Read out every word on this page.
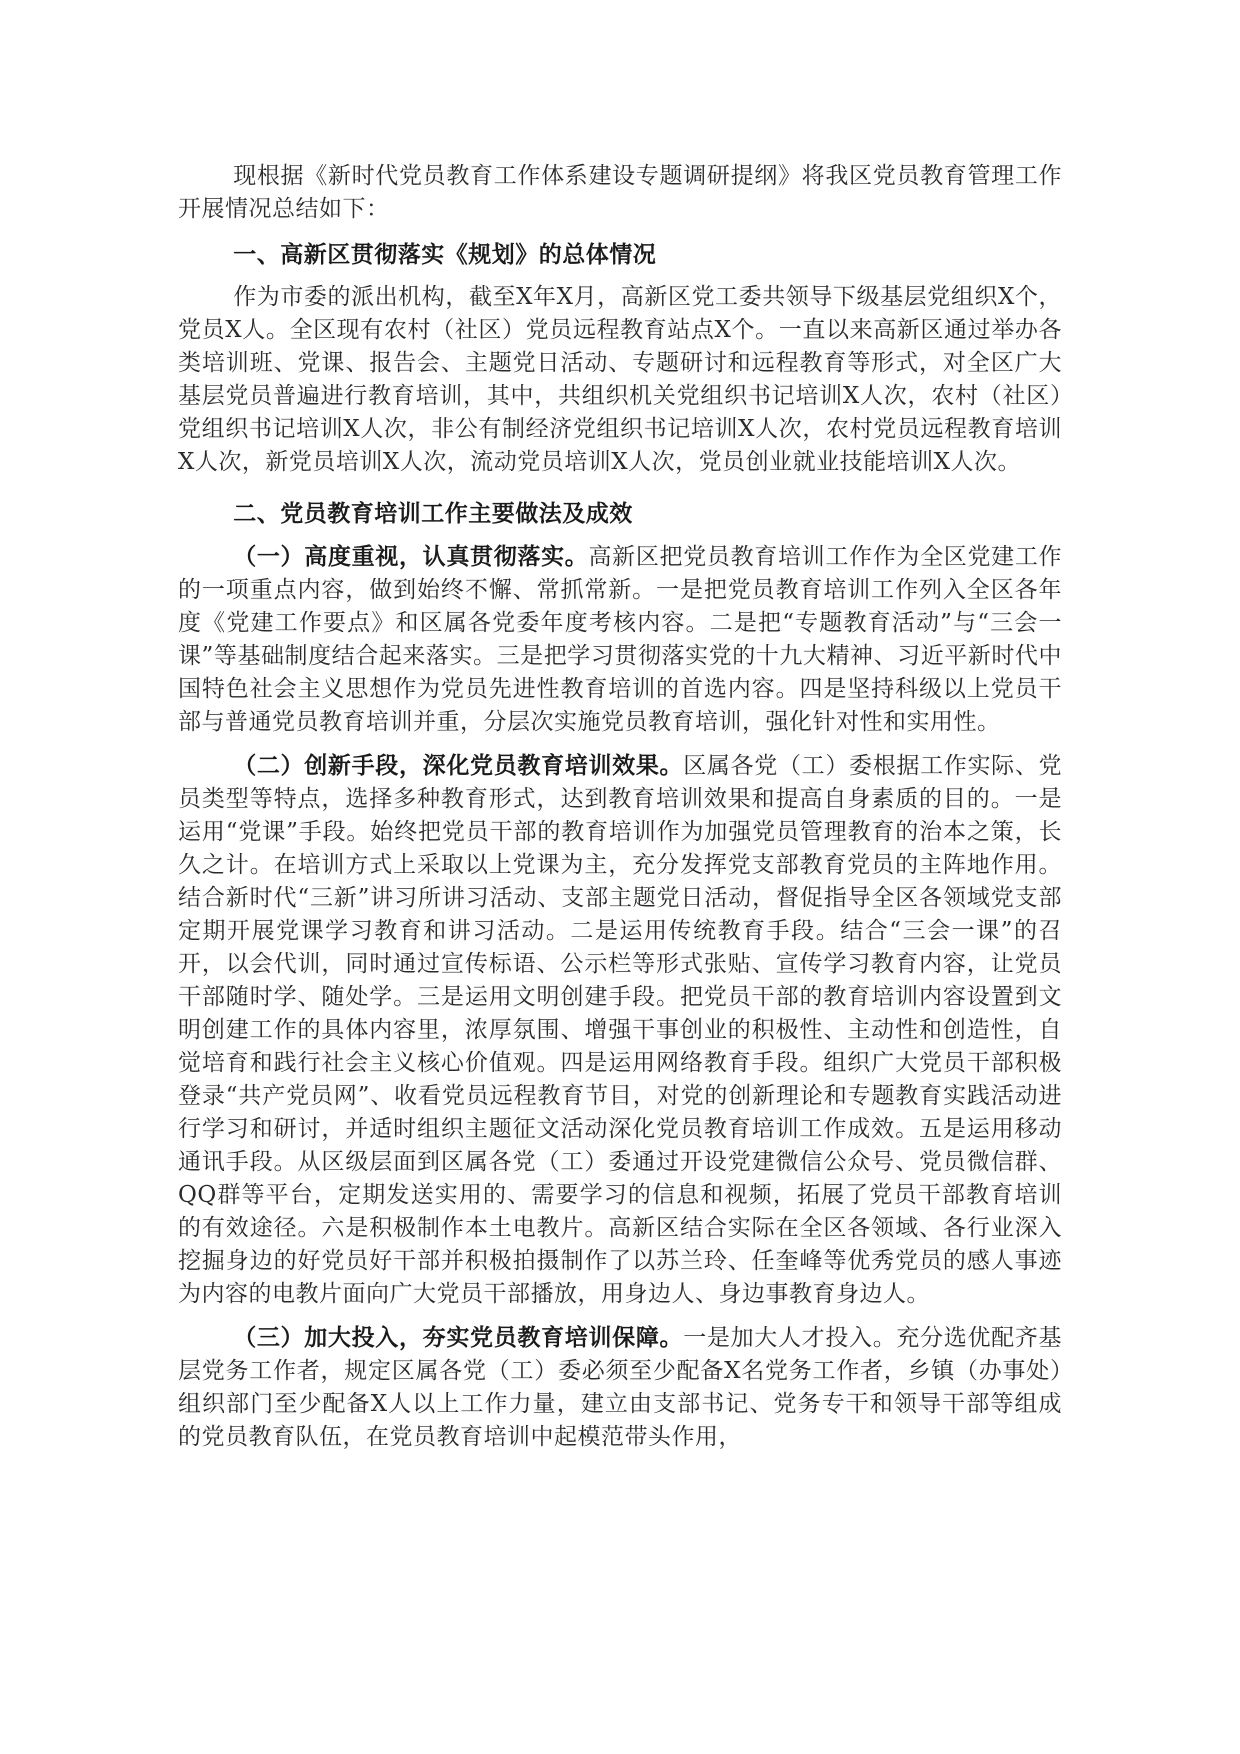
现根据《新时代党员教育工作体系建设专题调研提纲》将我区党员教育管理工作开展情况总结如下：

一、高新区贯彻落实《规划》的总体情况

作为市委的派出机构，截至X年X月，高新区党工委共领导下级基层党组织X个，党员X人。全区现有农村（社区）党员远程教育站点X个。一直以来高新区通过举办各类培训班、党课、报告会、主题党日活动、专题研讨和远程教育等形式，对全区广大基层党员普遍进行教育培训，其中，共组织机关党组织书记培训X人次，农村（社区）党组织书记培训X人次，非公有制经济党组织书记培训X人次，农村党员远程教育培训X人次，新党员培训X人次，流动党员培训X人次，党员创业就业技能培训X人次。

二、党员教育培训工作主要做法及成效

（一）高度重视，认真贯彻落实。高新区把党员教育培训工作作为全区党建工作的一项重点内容，做到始终不懈、常抓常新。一是把党员教育培训工作列入全区各年度《党建工作要点》和区属各党委年度考核内容。二是把“专题教育活动”与“三会一课”等基础制度结合起来落实。三是把学习贯彻落实党的十九大精神、习近平新时代中国特色社会主义思想作为党员先进性教育培训的首选内容。四是坚持科级以上党员干部与普通党员教育培训并重，分层次实施党员教育培训，强化针对性和实用性。

（二）创新手段，深化党员教育培训效果。区属各党（工）委根据工作实际、党员类型等特点，选择多种教育形式，达到教育培训效果和提高自身素质的目的。一是运用“党课”手段。始终把党员干部的教育培训作为加强党员管理教育的治本之策，长久之计。在培训方式上采取以上党课为主，充分发挥党支部教育党员的主阵地作用。结合新时代“三新”讲习所讲习活动、支部主题党日活动，督促指导全区各领域党支部定期开展党课学习教育和讲习活动。二是运用传统教育手段。结合“三会一课”的召开，以会代训，同时通过宣传标语、公示栏等形式张贴、宣传学习教育内容，让党员干部随时学、随处学。三是运用文明创建手段。把党员干部的教育培训内容设置到文明创建工作的具体内容里，浓厚氛围、增强干事创业的积极性、主动性和创造性，自觉培育和践行社会主义核心价值观。四是运用网络教育手段。组织广大党员干部积极登录“共产党员网”、收看党员远程教育节目，对党的创新理论和专题教育实践活动进行学习和研讨，并适时组织主题征文活动深化党员教育培训工作成效。五是运用移动通讯手段。从区级层面到区属各党（工）委通过开设党建微信公众号、党员微信群、QQ群等平台，定期发送实用的、需要学习的信息和视频，拓展了党员干部教育培训的有效途径。六是积极制作本土电教片。高新区结合实际在全区各领域、各行业深入挖掘身边的好党员好干部并积极拍摄制作了以苏兰玲、任奎峰等优秀党员的感人事迹为内容的电教片面向广大党员干部播放，用身边人、身边事教育身边人。

（三）加大投入，夯实党员教育培训保障。一是加大人才投入。充分选优配齐基层党务工作者，规定区属各党（工）委必须至少配备X名党务工作者，乡镇（办事处）组织部门至少配备X人以上工作力量，建立由支部书记、党务专干和领导干部等组成的党员教育队伍，在党员教育培训中起模范带头作用，
